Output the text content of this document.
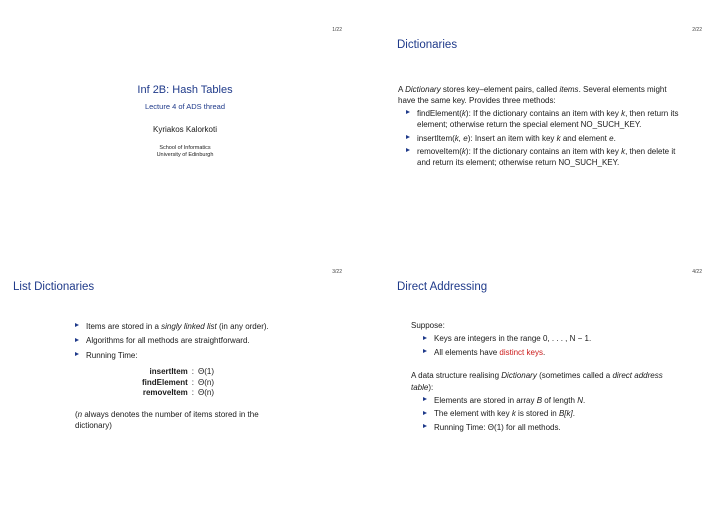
1/22
Inf 2B: Hash Tables
Lecture 4 of ADS thread
Kyriakos Kalorkoti
School of Informatics
University of Edinburgh
2/22
Dictionaries
A Dictionary stores key–element pairs, called items. Several elements might have the same key. Provides three methods:
findElement(k): If the dictionary contains an item with key k, then return its element; otherwise return the special element NO_SUCH_KEY.
insertItem(k, e): Insert an item with key k and element e.
removeItem(k): If the dictionary contains an item with key k, then delete it and return its element; otherwise return NO_SUCH_KEY.
3/22
List Dictionaries
Items are stored in a singly linked list (in any order).
Algorithms for all methods are straightforward.
Running Time:
insertItem	:	Θ(1)
findElement	:	Θ(n)
removeItem	:	Θ(n)
(n always denotes the number of items stored in the dictionary)
4/22
Direct Addressing
Suppose:
Keys are integers in the range 0, . . . , N − 1.
All elements have distinct keys.
A data structure realising Dictionary (sometimes called a direct address table):
Elements are stored in array B of length N.
The element with key k is stored in B[k].
Running Time: Θ(1) for all methods.
